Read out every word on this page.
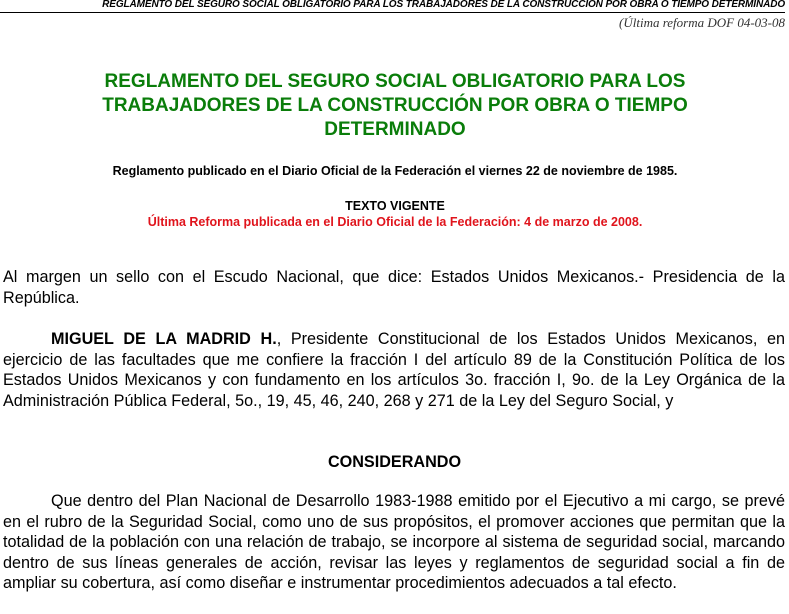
REGLAMENTO DEL SEGURO SOCIAL OBLIGATORIO PARA LOS TRABAJADORES DE LA CONSTRUCCIÓN POR OBRA O TIEMPO DETERMINADO
(Última reforma DOF 04-03-08
REGLAMENTO DEL SEGURO SOCIAL OBLIGATORIO PARA LOS TRABAJADORES DE LA CONSTRUCCIÓN POR OBRA O TIEMPO DETERMINADO

Reglamento publicado en el Diario Oficial de la Federación el viernes 22 de noviembre de 1985.

TEXTO VIGENTE
Última Reforma publicada en el Diario Oficial de la Federación: 4 de marzo de 2008.

Al margen un sello con el Escudo Nacional, que dice: Estados Unidos Mexicanos.- Presidencia de la República.

MIGUEL DE LA MADRID H., Presidente Constitucional de los Estados Unidos Mexicanos, en ejercicio de las facultades que me confiere la fracción I del artículo 89 de la Constitución Política de los Estados Unidos Mexicanos y con fundamento en los artículos 3o. fracción I, 9o. de la Ley Orgánica de la Administración Pública Federal, 5o., 19, 45, 46, 240, 268 y 271 de la Ley del Seguro Social, y

CONSIDERANDO

Que dentro del Plan Nacional de Desarrollo 1983-1988 emitido por el Ejecutivo a mi cargo, se prevé en el rubro de la Seguridad Social, como uno de sus propósitos, el promover acciones que permitan que la totalidad de la población con una relación de trabajo, se incorpore al sistema de seguridad social, marcando dentro de sus líneas generales de acción, revisar las leyes y reglamentos de seguridad social a fin de ampliar su cobertura, así como diseñar e instrumentar procedimientos adecuados a tal efecto.
